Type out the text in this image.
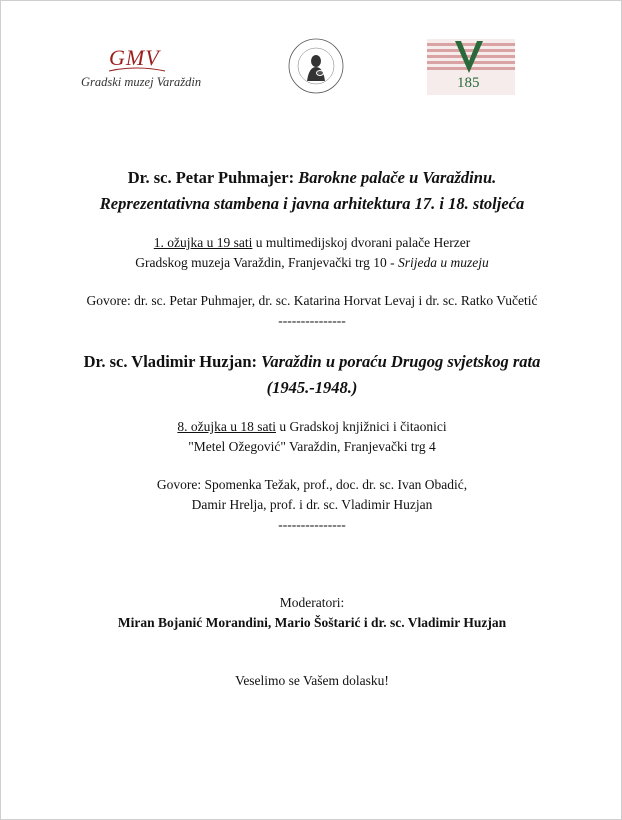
GMV
Gradski muzej Varaždin	185
Dr. sc. Petar Puhmajer: Barokne palače u Varaždinu.
Reprezentativna stambena i javna arhitektura 17. i 18. stoljeća
1. ožujka u 19 sati u multimedijskoj dvorani palače Herzer
Gradskog muzeja Varaždin, Franjevački trg 10 - Srijeda u muzeju
Govore: dr. sc. Petar Puhmajer, dr. sc. Katarina Horvat Levaj i dr. sc. Ratko Vučetić
---------------
Dr. sc. Vladimir Huzjan: Varaždin u poraću Drugog svjetskog rata
(1945.-1948.)
8. ožujka u 18 sati u Gradskoj knjižnici i čitaonici
"Metel Ožegović" Varaždin, Franjevački trg 4
Govore: Spomenka Težak, prof., doc. dr. sc. Ivan Obadić,
Damir Hrelja, prof. i dr. sc. Vladimir Huzjan
---------------
Moderatori:
Miran Bojanić Morandini, Mario Šoštarić i dr. sc. Vladimir Huzjan
Veselimo se Vašem dolasku!
